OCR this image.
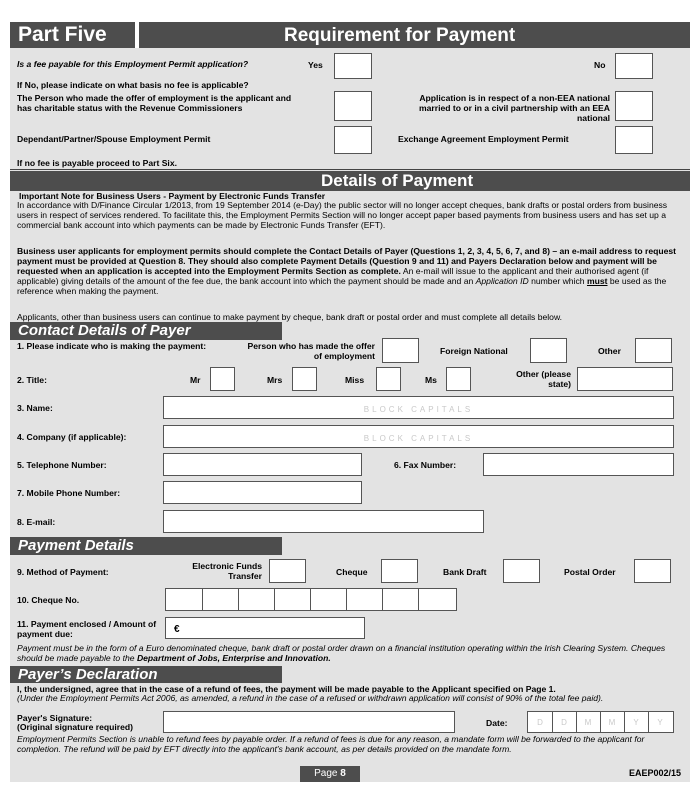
Part Five	Requirement for Payment
Is a fee payable for this Employment Permit application?	Yes	No
If No, please indicate on what basis no fee is applicable?
The Person who made the offer of employment is the applicant and has charitable status with the Revenue Commissioners
Application is in respect of a non-EEA national married to or in a civil partnership with an EEA national
Dependant/Partner/Spouse Employment Permit	Exchange Agreement Employment Permit
If no fee is payable proceed to Part Six.
Details of Payment
Important Note for Business Users - Payment by Electronic Funds Transfer
In accordance with D/Finance Circular 1/2013, from 19 September 2014 (e-Day) the public sector will no longer accept cheques, bank drafts or postal orders from business users in respect of services rendered. To facilitate this, the Employment Permits Section will no longer accept paper based payments from business users and has set up a commercial bank account into which payments can be made by Electronic Funds Transfer (EFT).
Business user applicants for employment permits should complete the Contact Details of Payer (Questions 1, 2, 3, 4, 5, 6, 7, and 8) – an e-mail address to request payment must be provided at Question 8. They should also complete Payment Details (Question 9 and 11) and Payers Declaration below and payment will be requested when an application is accepted into the Employment Permits Section as complete. An e-mail will issue to the applicant and their authorised agent (if applicable) giving details of the amount of the fee due, the bank account into which the payment should be made and an Application ID number which must be used as the reference when making the payment.
Applicants, other than business users can continue to make payment by cheque, bank draft or postal order and must complete all details below.
Contact Details of Payer
1. Please indicate who is making the payment:	Person who has made the offer of employment	Foreign National	Other
2. Title:	Mr	Mrs	Miss	Ms
Other (please state)
3. Name:	BLOCK CAPITALS
4. Company (if applicable):	BLOCK CAPITALS
5. Telephone Number:	6. Fax Number:
7. Mobile Phone Number:
8. E-mail:
Payment Details
9. Method of Payment:
Electronic Funds Transfer	Cheque	Bank Draft	Postal Order
10. Cheque No.
11. Payment enclosed / Amount of payment due:	€
Payment must be in the form of a Euro denominated cheque, bank draft or postal order drawn on a financial institution operating within the Irish Clearing System. Cheques should be made payable to the Department of Jobs, Enterprise and Innovation.
Payer’s Declaration
I, the undersigned, agree that in the case of a refund of fees, the payment will be made payable to the Applicant specified on Page 1.
(Under the Employment Permits Act 2006, as amended, a refund in the case of a refused or withdrawn application will consist of 90% of the total fee paid).
Payer's Signature:
(Original signature required)	Date:	D	D	M	M	Y	Y
Employment Permits Section is unable to refund fees by payable order. If a refund of fees is due for any reason, a mandate form will be forwarded to the applicant for completion. The refund will be paid by EFT directly into the applicant's bank account, as per details provided on the mandate form.
Page 8	EAEP002/15
